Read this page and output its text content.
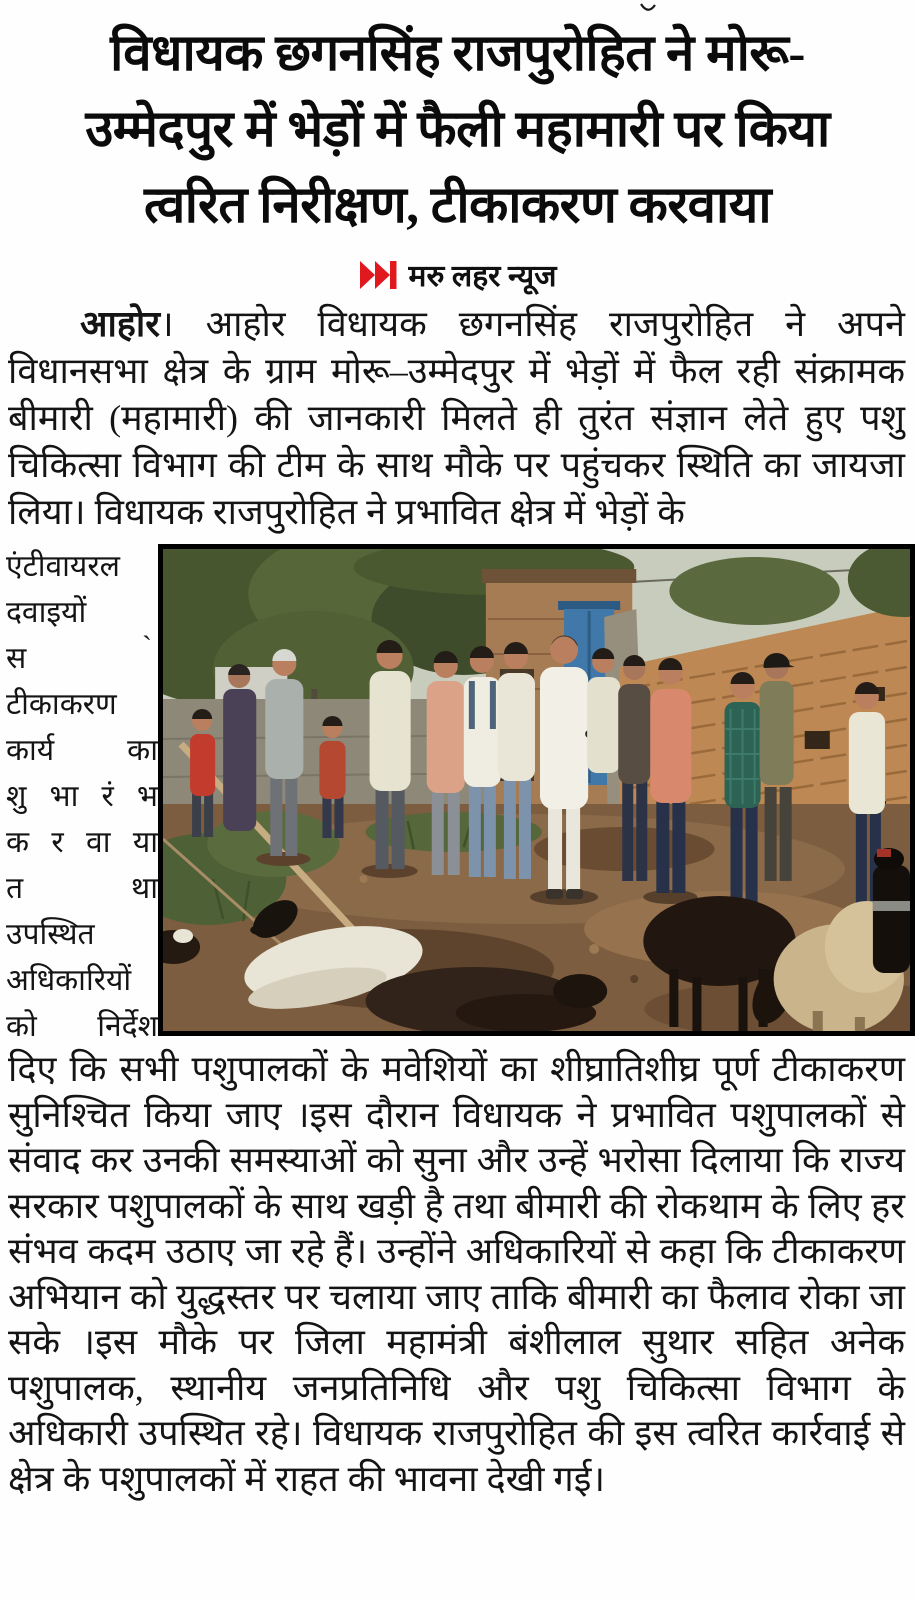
विधायक छगनसिंह राजपुरोहित ने मोरू-
उम्मेदपुर में भेड़ों में फैली महामारी पर किया
त्वरित निरीक्षण, टीकाकरण करवाया
मरु लहर न्यूज

आहोर। आहोर विधायक छगनसिंह राजपुरोहित ने अपने विधानसभा क्षेत्र के ग्राम मोरू–उम्मेदपुर में भेड़ों में फैल रही संक्रामक बीमारी (महामारी) की जानकारी मिलते ही तुरंत संज्ञान लेते हुए पशु चिकित्सा विभाग की टीम के साथ मौके पर पहुंचकर स्थिति का जायजा लिया। विधायक राजपुरोहित ने प्रभावित क्षेत्र में भेड़ों के

एंटीवायरल
दवाइयों
स	ˋ
टीकाकरण
कार्य का
शु भा रं भ
क र वा या
त था
उपस्थित
अधिकारियों
को निर्देश

दिए कि सभी पशुपालकों के मवेशियों का शीघ्रातिशीघ्र पूर्ण टीकाकरण सुनिश्चित किया जाए ।इस दौरान विधायक ने प्रभावित पशुपालकों से संवाद कर उनकी समस्याओं को सुना और उन्हें भरोसा दिलाया कि राज्य सरकार पशुपालकों के साथ खड़ी है तथा बीमारी की रोकथाम के लिए हर संभव कदम उठाए जा रहे हैं। उन्होंने अधिकारियों से कहा कि टीकाकरण अभियान को युद्धस्तर पर चलाया जाए ताकि बीमारी का फैलाव रोका जा सके ।इस मौके पर जिला महामंत्री बंशीलाल सुथार सहित अनेक पशुपालक, स्थानीय जनप्रतिनिधि और पशु चिकित्सा विभाग के अधिकारी उपस्थित रहे। विधायक राजपुरोहित की इस त्वरित कार्रवाई से क्षेत्र के पशुपालकों में राहत की भावना देखी गई।
